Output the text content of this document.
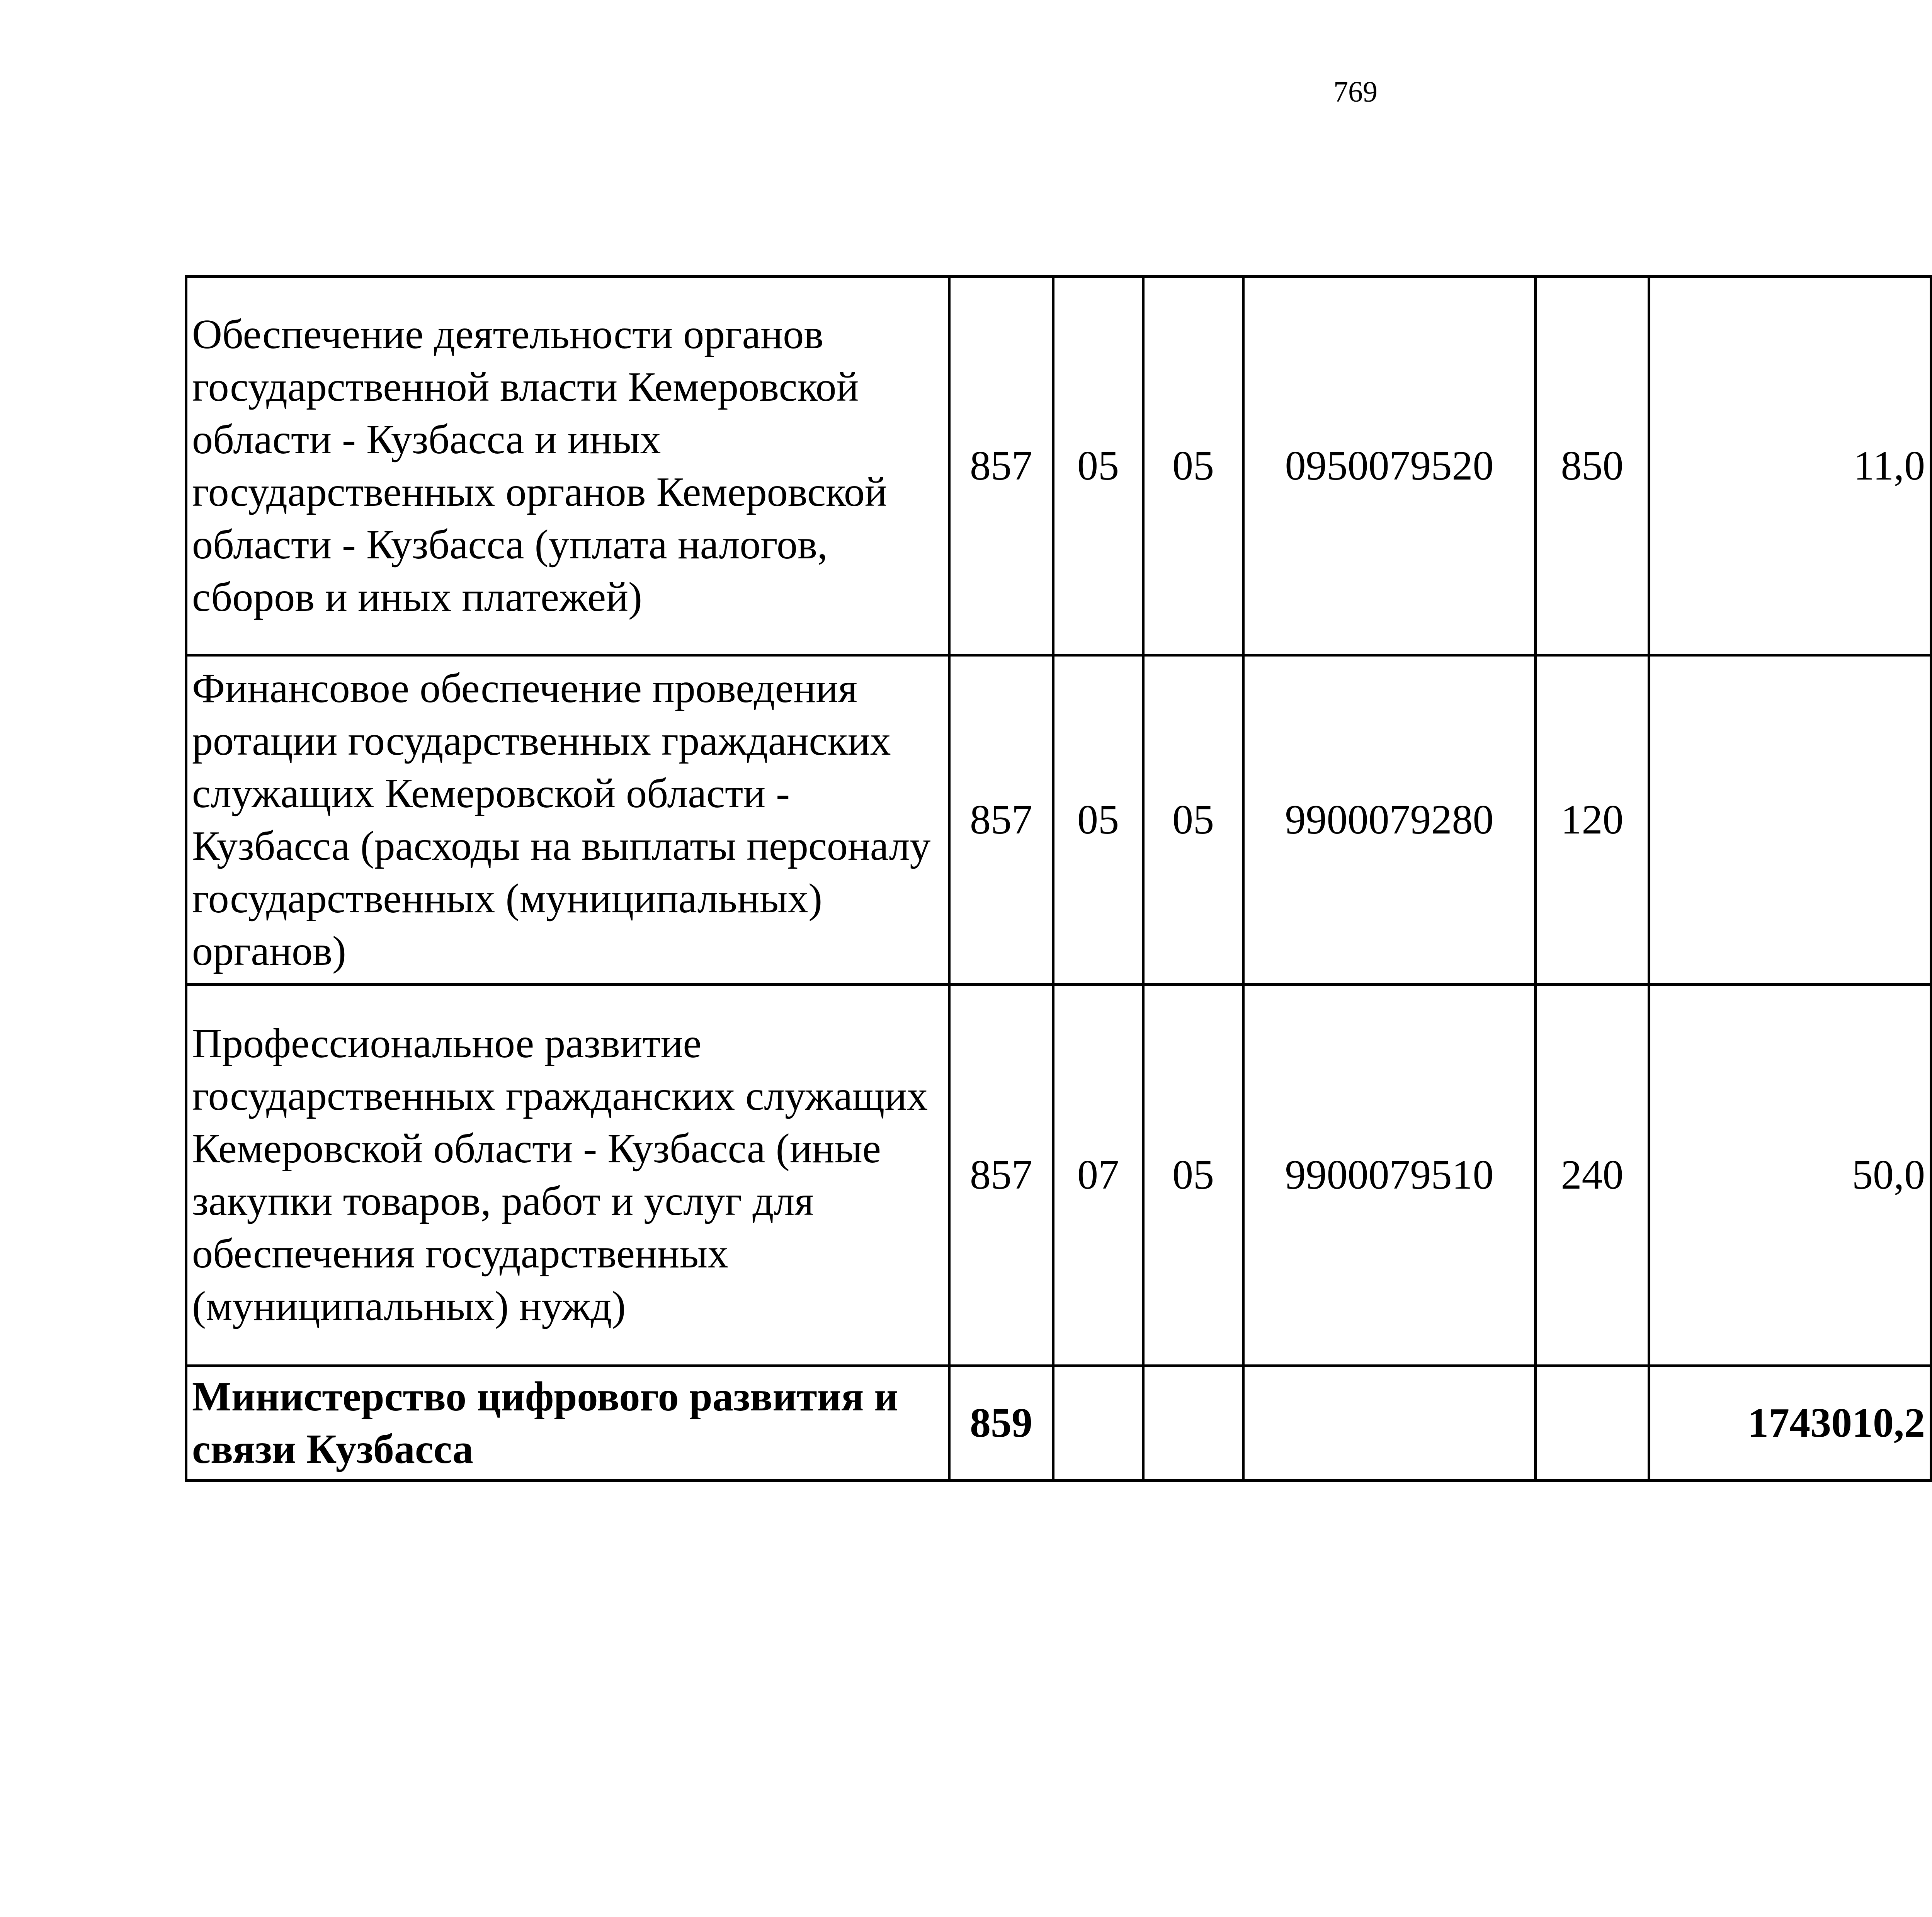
769
Обеспечение деятельности органов государственной власти Кемеровской области - Кузбасса и иных государственных органов Кемеровской области - Кузбасса (уплата налогов, сборов и иных платежей)	857	05	05	0950079520	850	11,0		
Финансовое обеспечение проведения ротации государственных гражданских служащих Кемеровской области - Кузбасса (расходы на выплаты персоналу государственных (муниципальных) органов)	857	05	05	9900079280	120			
Профессиональное развитие государственных гражданских служащих Кемеровской области - Кузбасса (иные закупки товаров, работ и услуг для обеспечения государственных (муниципальных) нужд)	857	07	05	9900079510	240	50,0		
Министерство цифрового развития и связи Кузбасса	859					1743010,2		
